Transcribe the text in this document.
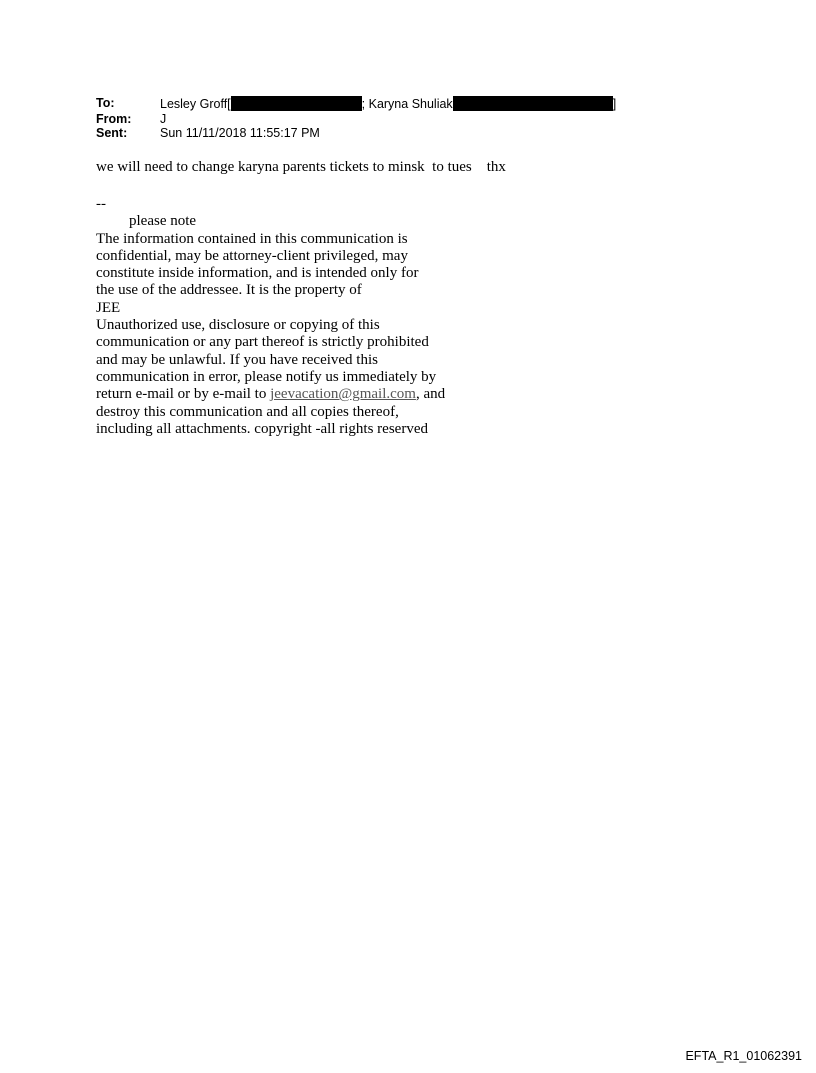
To:	Lesley Groff[	; Karyna Shuliak	]
From:	J
Sent:	Sun 11/11/2018 11:55:17 PM
we will need to change karyna parents tickets to minsk  to tues    thx
--
please note
The information contained in this communication is
confidential, may be attorney-client privileged, may
constitute inside information, and is intended only for
the use of the addressee. It is the property of
JEE
Unauthorized use, disclosure or copying of this
communication or any part thereof is strictly prohibited
and may be unlawful. If you have received this
communication in error, please notify us immediately by
return e-mail or by e-mail to jeevacation@gmail.com, and
destroy this communication and all copies thereof,
including all attachments. copyright -all rights reserved
EFTA_R1_01062391
